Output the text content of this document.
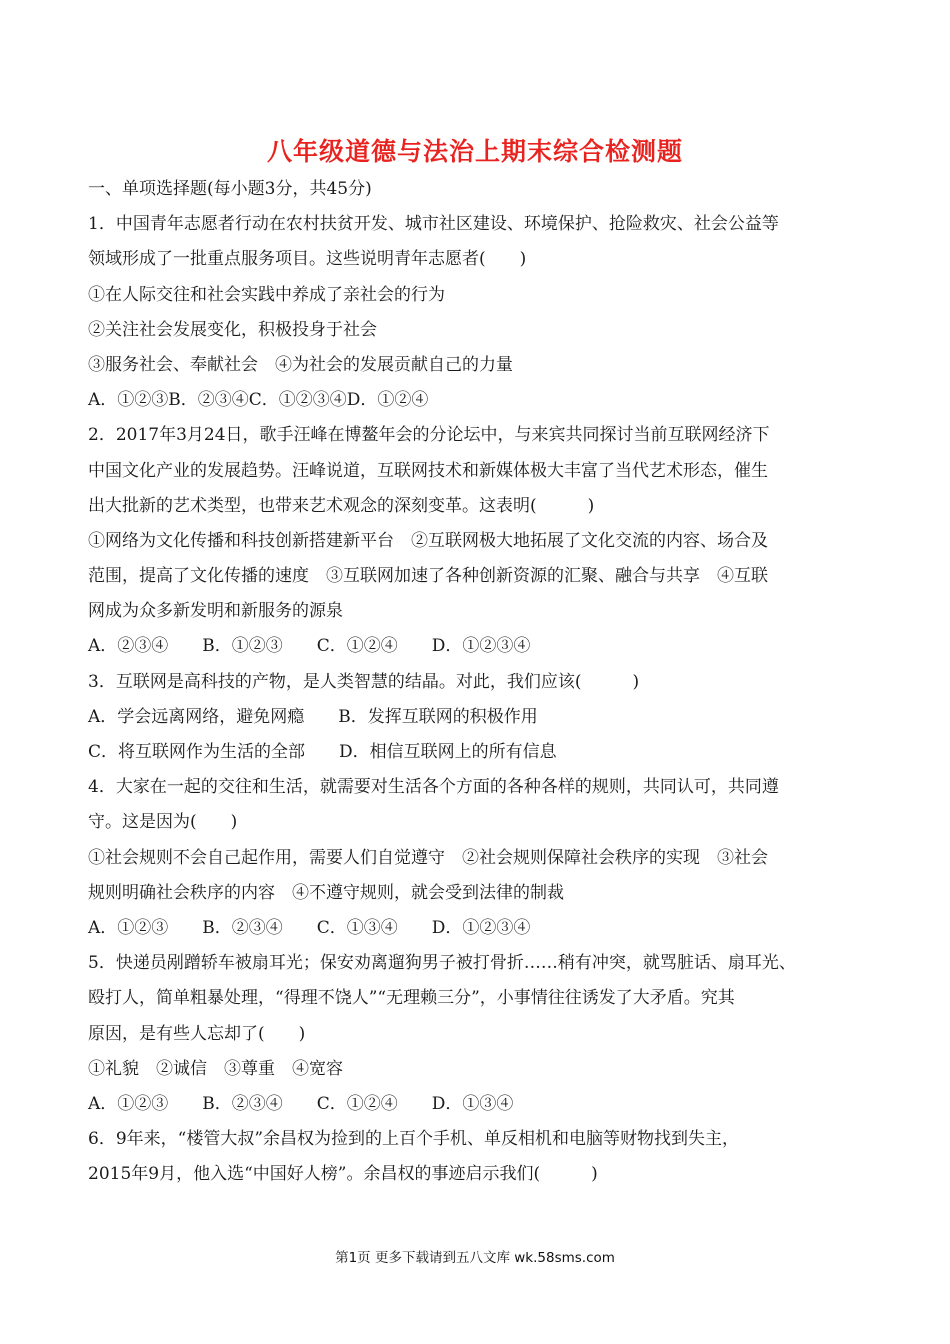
八年级道德与法治上期末综合检测题
一、单项选择题(每小题3分，共45分)
1．中国青年志愿者行动在农村扶贫开发、城市社区建设、环境保护、抢险救灾、社会公益等
领域形成了一批重点服务项目。这些说明青年志愿者(　　)
①在人际交往和社会实践中养成了亲社会的行为
②关注社会发展变化，积极投身于社会
③服务社会、奉献社会　④为社会的发展贡献自己的力量
A．①②③B．②③④C．①②③④D．①②④
2．2017年3月24日，歌手汪峰在博鳌年会的分论坛中，与来宾共同探讨当前互联网经济下
中国文化产业的发展趋势。汪峰说道，互联网技术和新媒体极大丰富了当代艺术形态，催生
出大批新的艺术类型，也带来艺术观念的深刻变革。这表明(　　　)
①网络为文化传播和科技创新搭建新平台　②互联网极大地拓展了文化交流的内容、场合及
范围，提高了文化传播的速度　③互联网加速了各种创新资源的汇聚、融合与共享　④互联
网成为众多新发明和新服务的源泉
A．②③④　　B．①②③　　C．①②④　　D．①②③④
3．互联网是高科技的产物，是人类智慧的结晶。对此，我们应该(　　　)
A．学会远离网络，避免网瘾　　B．发挥互联网的积极作用
C．将互联网作为生活的全部　　D．相信互联网上的所有信息
4．大家在一起的交往和生活，就需要对生活各个方面的各种各样的规则，共同认可，共同遵
守。这是因为(　　)
①社会规则不会自己起作用，需要人们自觉遵守　②社会规则保障社会秩序的实现　③社会
规则明确社会秩序的内容　④不遵守规则，就会受到法律的制裁
A．①②③　　B．②③④　　C．①③④　　D．①②③④
5．快递员剐蹭轿车被扇耳光；保安劝离遛狗男子被打骨折……稍有冲突，就骂脏话、扇耳光、
殴打人，简单粗暴处理，“得理不饶人”“无理赖三分”，小事情往往诱发了大矛盾。究其
原因，是有些人忘却了(　　)
①礼貌　②诚信　③尊重　④宽容
A．①②③　　B．②③④　　C．①②④　　D．①③④
6．9年来，“楼管大叔”余昌权为捡到的上百个手机、单反相机和电脑等财物找到失主，
2015年9月，他入选“中国好人榜”。余昌权的事迹启示我们(　　　)
第1页 更多下载请到五八文库 wk.58sms.com
